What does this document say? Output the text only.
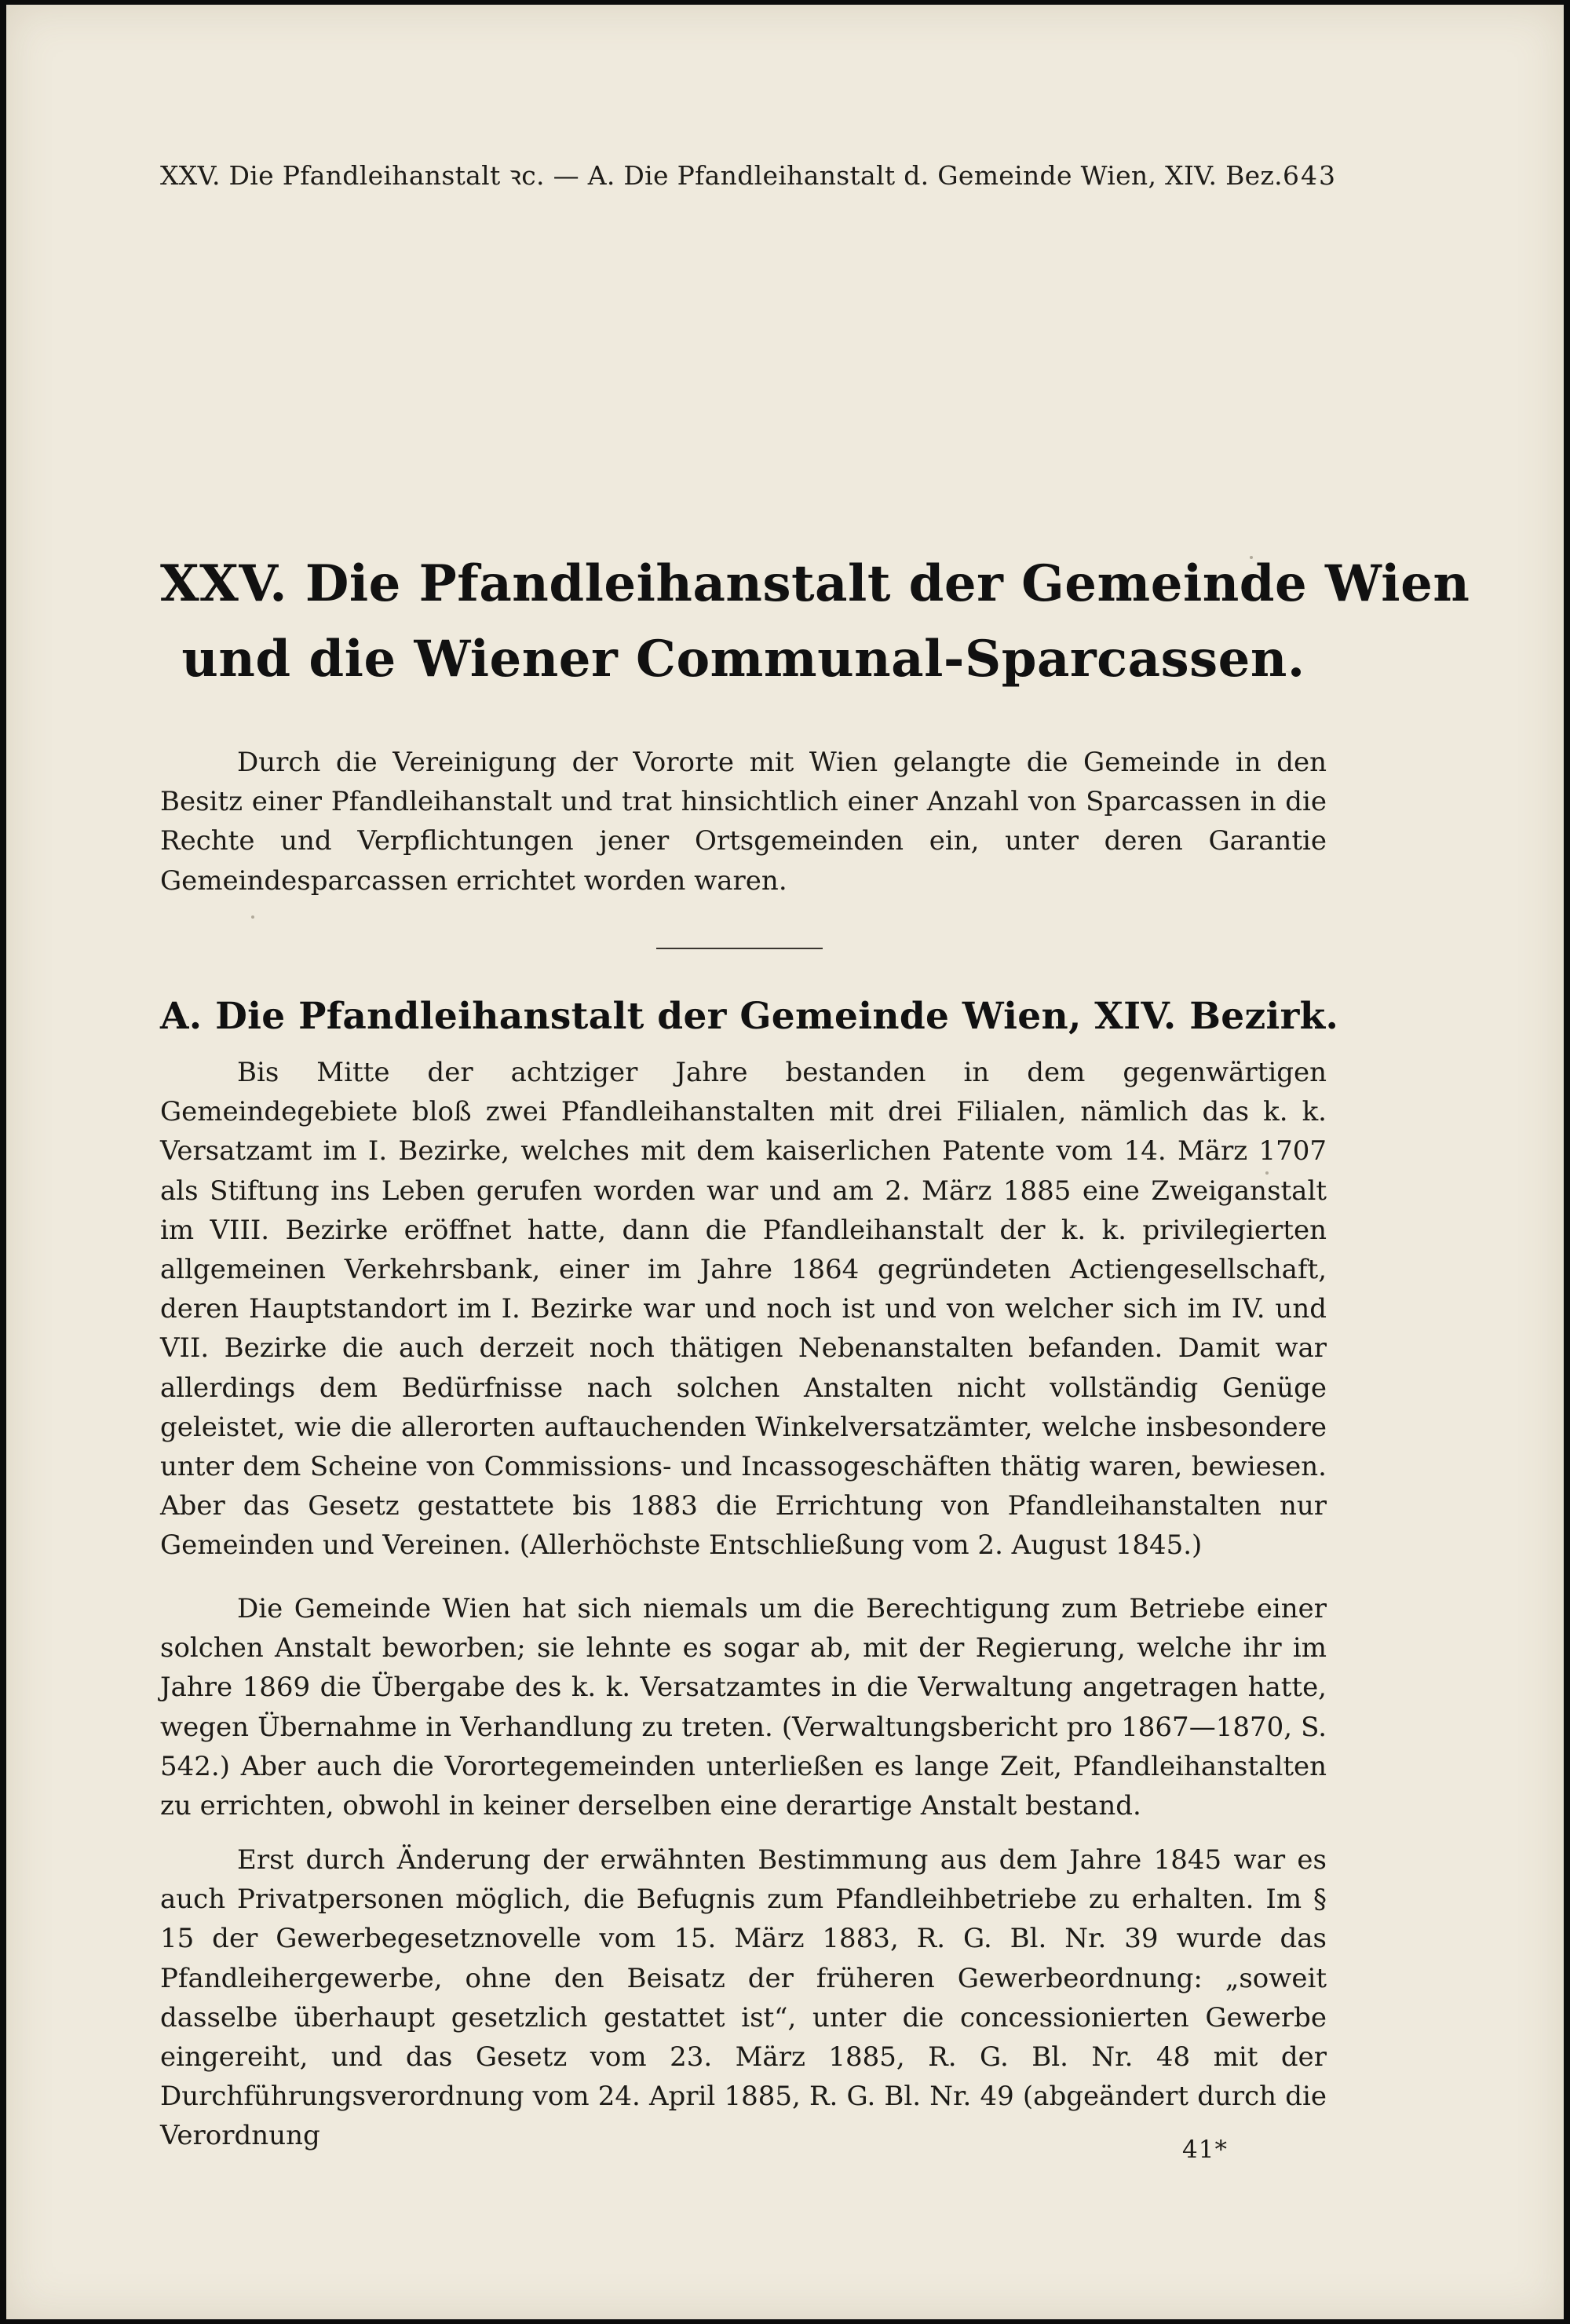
XXV. Die Pfandleihanstalt ꝛc. — A. Die Pfandleihanstalt d. Gemeinde Wien, XIV. Bez. 643
XXV. Die Pfandleihanstalt der Gemeinde Wien
und die Wiener Communal-Sparcassen.

Durch die Vereinigung der Vororte mit Wien gelangte die Gemeinde in den Besitz einer Pfandleihanstalt und trat hinsichtlich einer Anzahl von Sparcassen in die Rechte und Verpflichtungen jener Ortsgemeinden ein, unter deren Garantie Gemeindesparcassen errichtet worden waren.

A. Die Pfandleihanstalt der Gemeinde Wien, XIV. Bezirk.

Bis Mitte der achtziger Jahre bestanden in dem gegenwärtigen Gemeindegebiete bloß zwei Pfandleihanstalten mit drei Filialen, nämlich das k. k. Versatzamt im I. Bezirke, welches mit dem kaiserlichen Patente vom 14. März 1707 als Stiftung ins Leben gerufen worden war und am 2. März 1885 eine Zweiganstalt im VIII. Bezirke eröffnet hatte, dann die Pfandleihanstalt der k. k. privilegierten allgemeinen Verkehrsbank, einer im Jahre 1864 gegründeten Actiengesellschaft, deren Hauptstandort im I. Bezirke war und noch ist und von welcher sich im IV. und VII. Bezirke die auch derzeit noch thätigen Nebenanstalten befanden. Damit war allerdings dem Bedürfnisse nach solchen Anstalten nicht vollständig Genüge geleistet, wie die allerorten auftauchenden Winkelversatzämter, welche insbesondere unter dem Scheine von Commissions- und Incassogeschäften thätig waren, bewiesen. Aber das Gesetz gestattete bis 1883 die Errichtung von Pfandleihanstalten nur Gemeinden und Vereinen. (Allerhöchste Entschließung vom 2. August 1845.)

Die Gemeinde Wien hat sich niemals um die Berechtigung zum Betriebe einer solchen Anstalt beworben; sie lehnte es sogar ab, mit der Regierung, welche ihr im Jahre 1869 die Übergabe des k. k. Versatzamtes in die Verwaltung angetragen hatte, wegen Übernahme in Verhandlung zu treten. (Verwaltungsbericht pro 1867—1870, S. 542.) Aber auch die Vorortegemeinden unterließen es lange Zeit, Pfandleihanstalten zu errichten, obwohl in keiner derselben eine derartige Anstalt bestand.

Erst durch Änderung der erwähnten Bestimmung aus dem Jahre 1845 war es auch Privatpersonen möglich, die Befugnis zum Pfandleihbetriebe zu erhalten. Im § 15 der Gewerbegesetznovelle vom 15. März 1883, R. G. Bl. Nr. 39 wurde das Pfandleihergewerbe, ohne den Beisatz der früheren Gewerbeordnung: „soweit dasselbe überhaupt gesetzlich gestattet ist“, unter die concessionierten Gewerbe eingereiht, und das Gesetz vom 23. März 1885, R. G. Bl. Nr. 48 mit der Durchführungsverordnung vom 24. April 1885, R. G. Bl. Nr. 49 (abgeändert durch die Verordnung	41*
